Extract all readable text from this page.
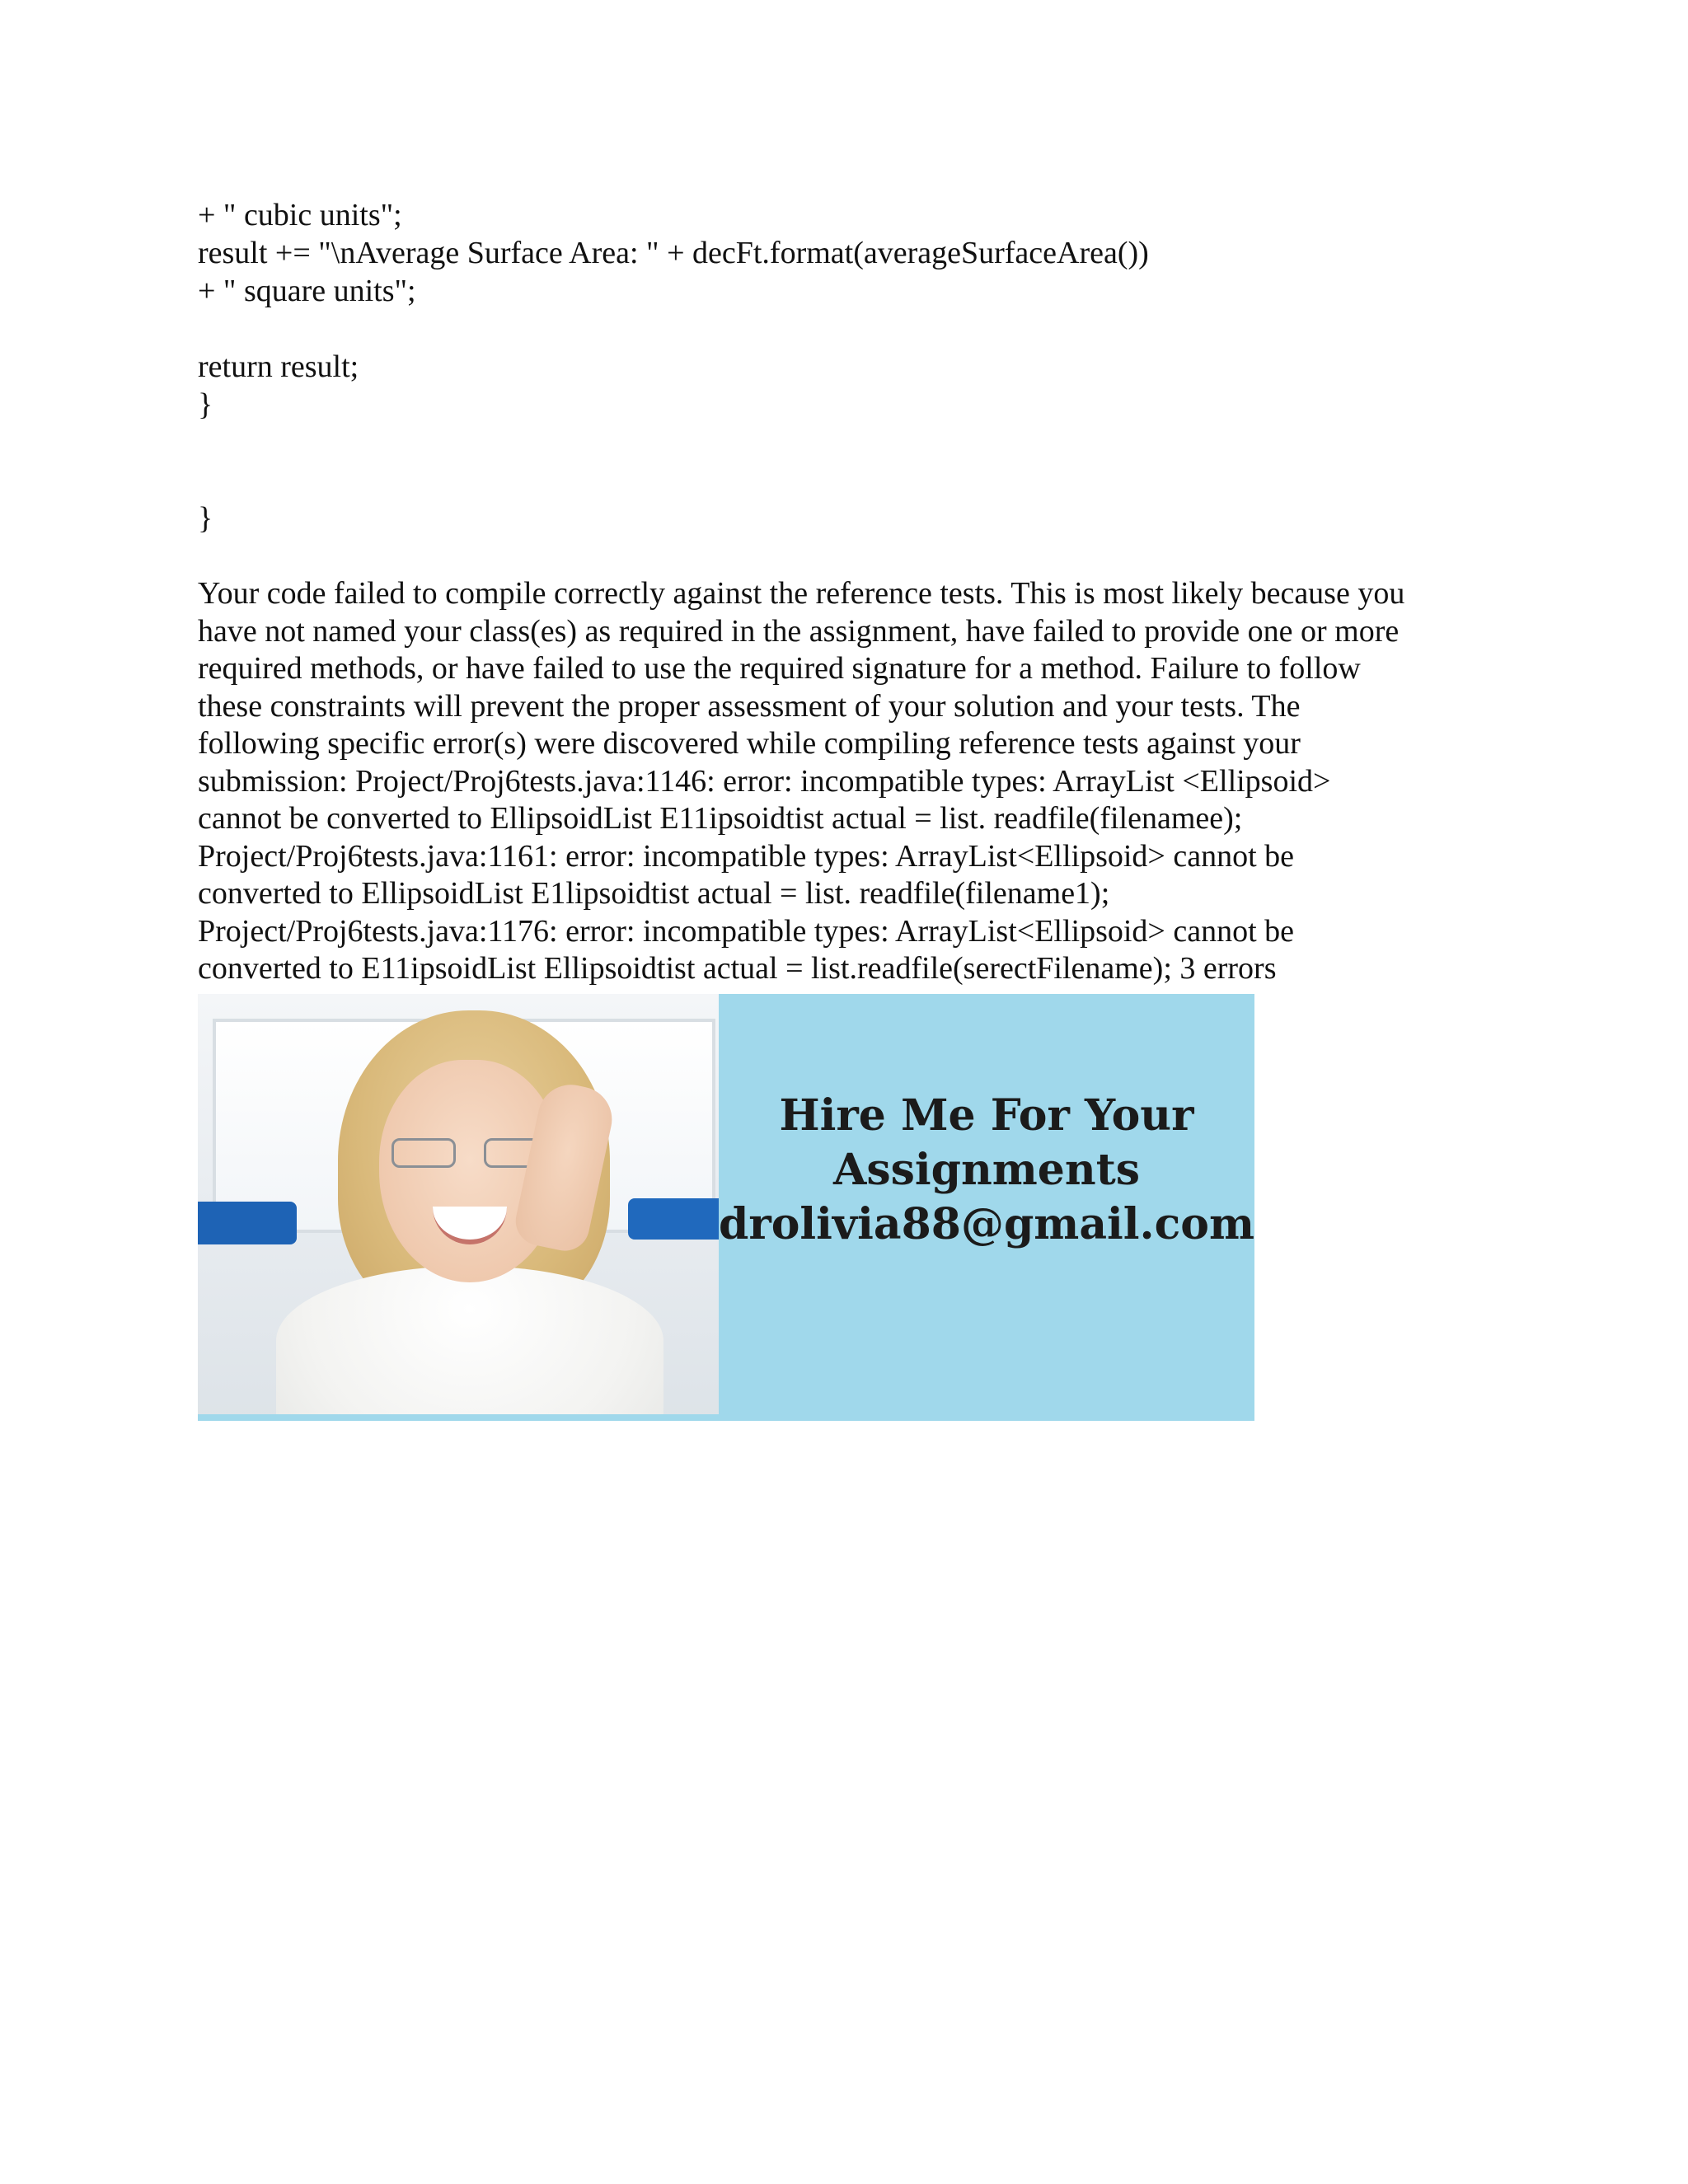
+ " cubic units";
result += "\nAverage Surface Area: " + decFt.format(averageSurfaceArea())
+ " square units";
return result;
}
}
Your code failed to compile correctly against the reference tests. This is most likely because you
have not named your class(es) as required in the assignment, have failed to provide one or more
required methods, or have failed to use the required signature for a method. Failure to follow
these constraints will prevent the proper assessment of your solution and your tests. The
following specific error(s) were discovered while compiling reference tests against your
submission: Project/Proj6tests.java:1146: error: incompatible types: ArrayList <Ellipsoid>
cannot be converted to EllipsoidList E11ipsoidtist actual = list. readfile(filenamee);
Project/Proj6tests.java:1161: error: incompatible types: ArrayList<Ellipsoid> cannot be
converted to EllipsoidList E1lipsoidtist actual = list. readfile(filename1);
Project/Proj6tests.java:1176: error: incompatible types: ArrayList<Ellipsoid> cannot be
converted to E11ipsoidList Ellipsoidtist actual = list.readfile(serectFilename); 3 errors
Hire Me For Your
Assignments
drolivia88@gmail.com
